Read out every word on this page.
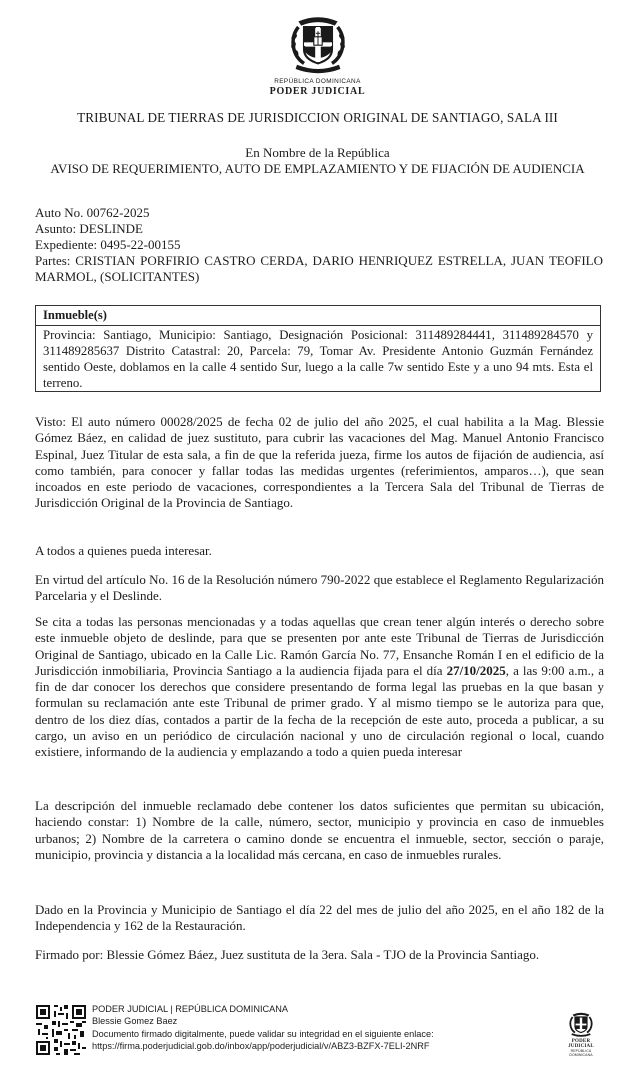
REPÚBLICA DOMINICANA
PODER JUDICIAL
TRIBUNAL DE TIERRAS DE JURISDICCION ORIGINAL DE SANTIAGO, SALA III
En Nombre de la República
AVISO DE REQUERIMIENTO, AUTO DE EMPLAZAMIENTO Y DE FIJACIÓN DE AUDIENCIA
Auto No. 00762-2025
Asunto: DESLINDE
Expediente: 0495-22-00155
Partes: CRISTIAN PORFIRIO CASTRO CERDA, DARIO HENRIQUEZ ESTRELLA, JUAN TEOFILO MARMOL, (SOLICITANTES)
Inmueble(s)
Provincia: Santiago, Municipio: Santiago, Designación Posicional: 311489284441, 311489284570 y 311489285637 Distrito Catastral: 20, Parcela: 79, Tomar Av. Presidente Antonio Guzmán Fernández sentido Oeste, doblamos en la calle 4 sentido Sur, luego a la calle 7w sentido Este y a uno 94 mts. Esta el terreno.
Visto: El auto número 00028/2025 de fecha 02 de julio del año 2025, el cual habilita a la Mag. Blessie Gómez Báez, en calidad de juez sustituto, para cubrir las vacaciones del Mag. Manuel Antonio Francisco Espinal, Juez Titular de esta sala, a fin de que la referida jueza, firme los autos de fijación de audiencia, así como también, para conocer y fallar todas las medidas urgentes (referimientos, amparos…), que sean incoados en este periodo de vacaciones, correspondientes a la Tercera Sala del Tribunal de Tierras de Jurisdicción Original de la Provincia de Santiago.
A todos a quienes pueda interesar.
En virtud del artículo No. 16 de la Resolución número 790-2022 que establece el Reglamento Regularización Parcelaria y el Deslinde.
Se cita a todas las personas mencionadas y a todas aquellas que crean tener algún interés o derecho sobre este inmueble objeto de deslinde, para que se presenten por ante este Tribunal de Tierras de Jurisdicción Original de Santiago, ubicado en la Calle Lic. Ramón García No. 77, Ensanche Román I en el edificio de la Jurisdicción inmobiliaria, Provincia Santiago a la audiencia fijada para el día 27/10/2025, a las 9:00 a.m., a fin de dar conocer los derechos que considere presentando de forma legal las pruebas en la que basan y formulan su reclamación ante este Tribunal de primer grado. Y al mismo tiempo se le autoriza para que, dentro de los diez días, contados a partir de la fecha de la recepción de este auto, proceda a publicar, a su cargo, un aviso en un periódico de circulación nacional y uno de circulación regional o local, cuando existiere, informando de la audiencia y emplazando a todo a quien pueda interesar
La descripción del inmueble reclamado debe contener los datos suficientes que permitan su ubicación, haciendo constar: 1) Nombre de la calle, número, sector, municipio y provincia en caso de inmuebles urbanos; 2) Nombre de la carretera o camino donde se encuentra el inmueble, sector, sección o paraje, municipio, provincia y distancia a la localidad más cercana, en caso de inmuebles rurales.
Dado en la Provincia y Municipio de Santiago el día 22 del mes de julio del año 2025, en el año 182 de la Independencia y 162 de la Restauración.
Firmado por: Blessie Gómez Báez, Juez sustituta de la 3era. Sala - TJO de la Provincia Santiago.
PODER JUDICIAL | REPÚBLICA DOMINICANA
Blessie Gomez Baez
Documento firmado digitalmente, puede validar su integridad en el siguiente enlace:
https://firma.poderjudicial.gob.do/inbox/app/poderjudicial/v/ABZ3-BZFX-7ELI-2NRF	PODER JUDICIAL
REPÚBLICA DOMINICANA
